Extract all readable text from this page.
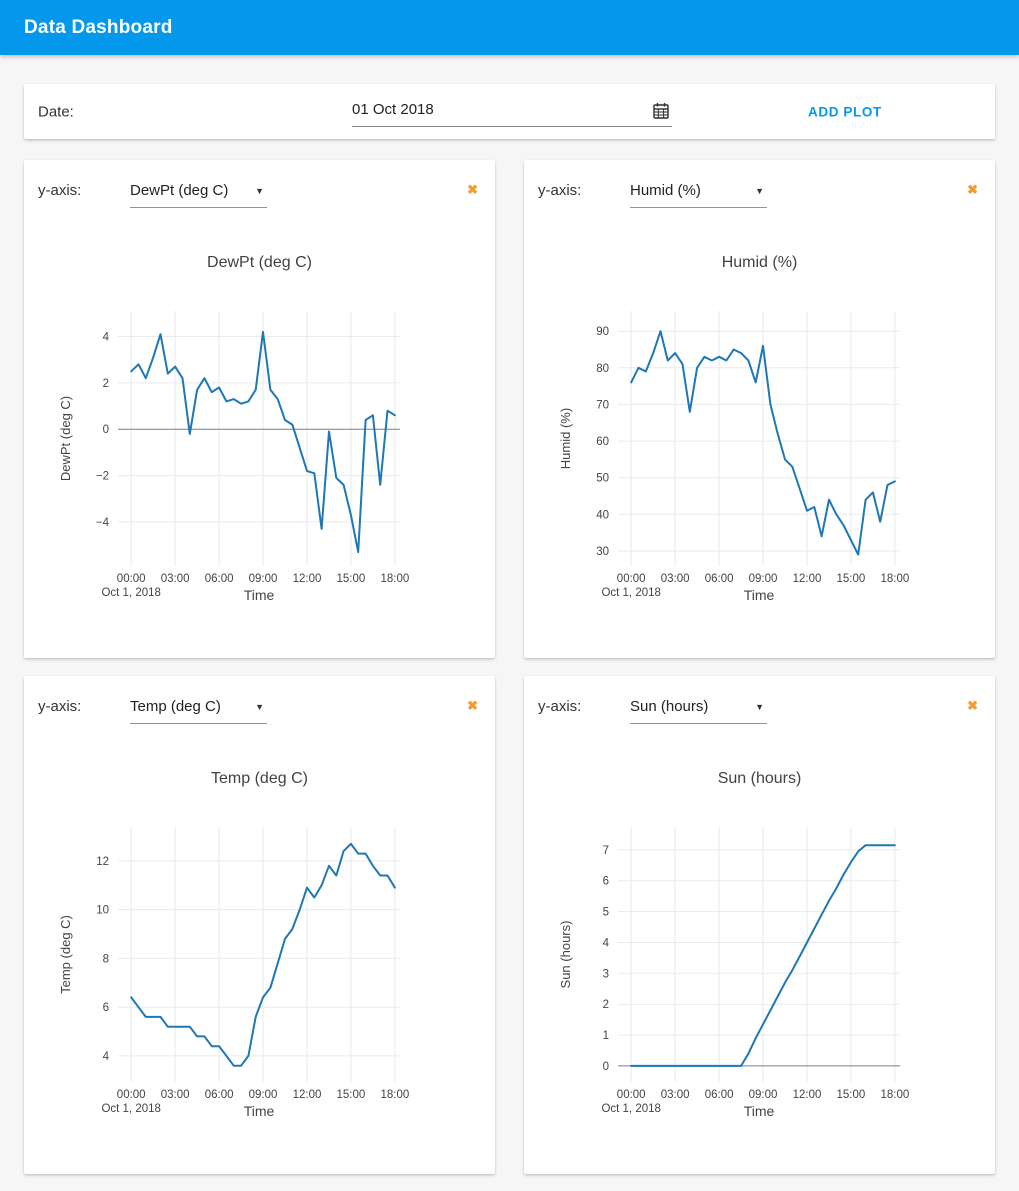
Data Dashboard
Date:	01 Oct 2018	ADD PLOT
y-axis:	DewPt (deg C)	▼	✖
DewPt (deg C)
00:00 03:00 06:00 09:00 12:00 15:00 18:00
Oct 1, 2018	Time
−4
−2
0
2
4
DewPt (deg C)
y-axis:	Humid (%)	▼	✖
Humid (%)
00:00 03:00 06:00 09:00 12:00 15:00 18:00
Oct 1, 2018	Time
30
40
50
60
70
80
90
Humid (%)
y-axis:	Temp (deg C)	▼	✖
Temp (deg C)
00:00 03:00 06:00 09:00 12:00 15:00 18:00
Oct 1, 2018	Time
4
6
8
10
12
Temp (deg C)
y-axis:	Sun (hours)	▼	✖
Sun (hours)
00:00 03:00 06:00 09:00 12:00 15:00 18:00
Oct 1, 2018	Time
0
1
2
3
4
5
6
7
Sun (hours)
